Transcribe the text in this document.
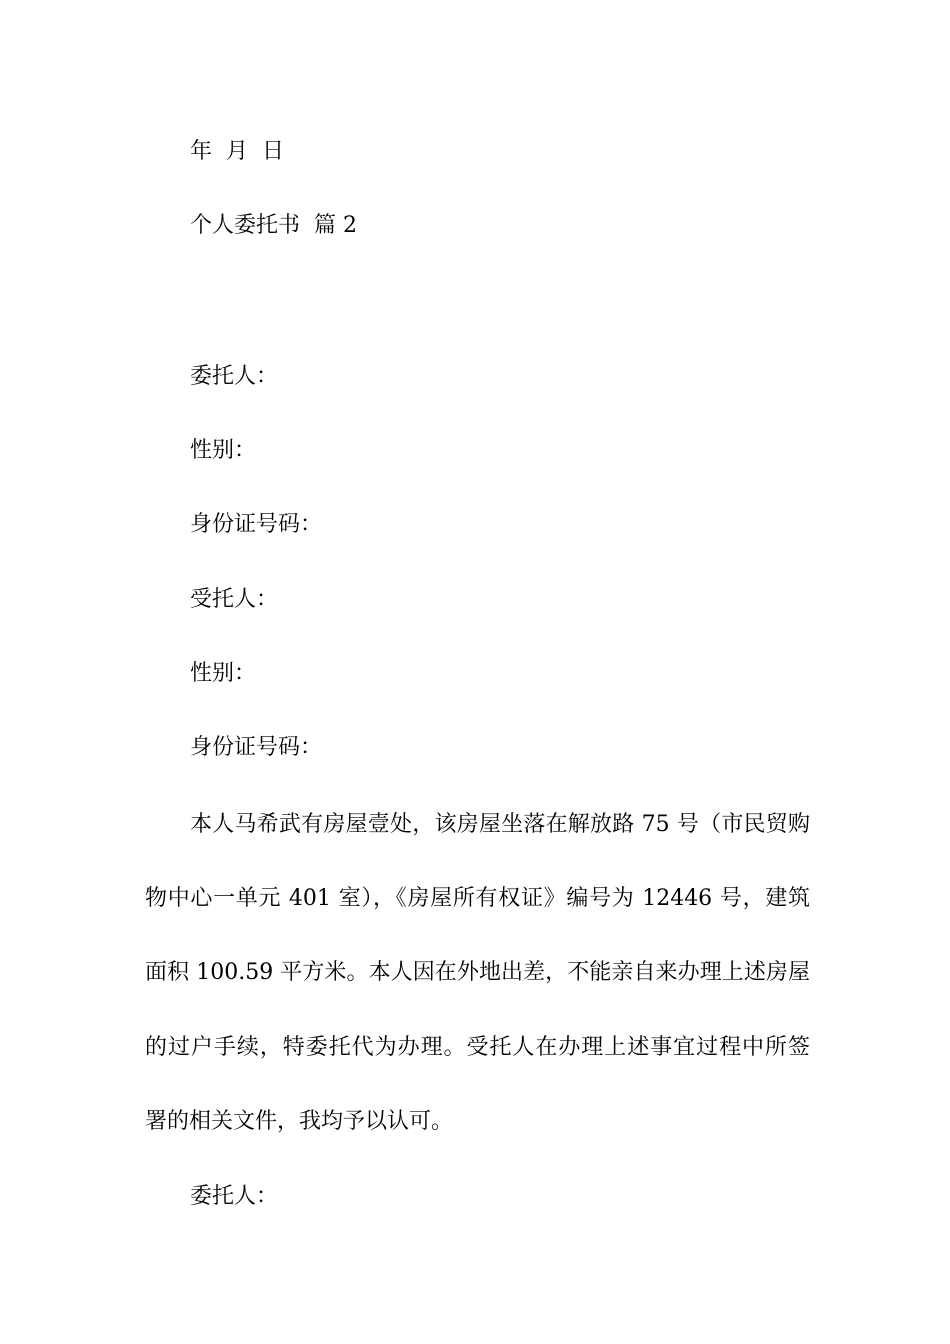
年  月  日

个人委托书  篇 2

委托人：

性别：

身份证号码：

受托人：

性别：

身份证号码：

本人马希武有房屋壹处，该房屋坐落在解放路 75 号（市民贸购

物中心一单元 401 室），《房屋所有权证》编号为 12446 号，建筑

面积 100.59 平方米。本人因在外地出差，不能亲自来办理上述房屋

的过户手续，特委托代为办理。受托人在办理上述事宜过程中所签

署的相关文件，我均予以认可。

委托人：
